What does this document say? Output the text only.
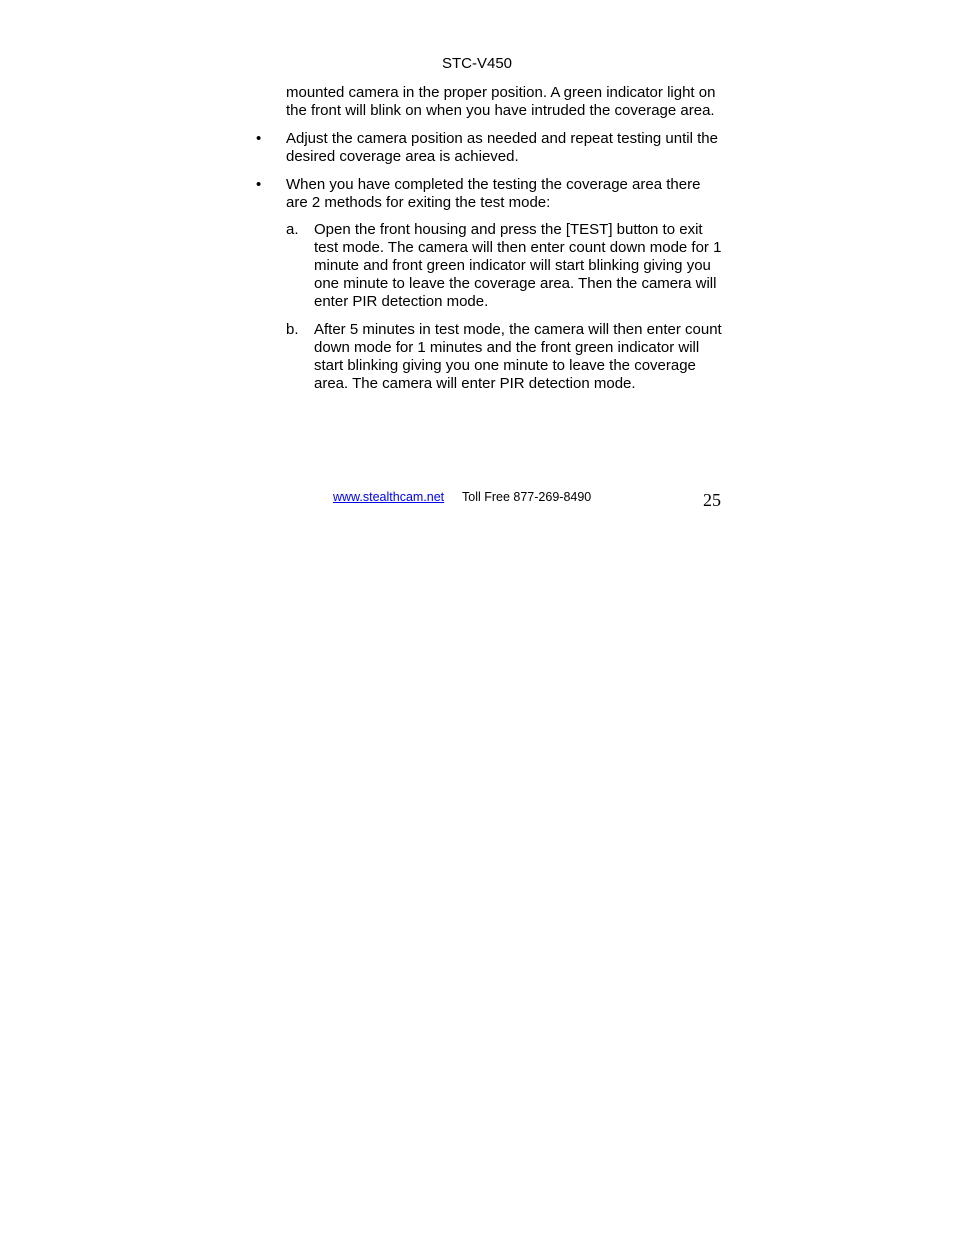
STC-V450

mounted camera in the proper position. A green indicator light on the front will blink on when you have intruded the coverage area.

• Adjust the camera position as needed and repeat testing until the desired coverage area is achieved.
• When you have completed the testing the coverage area there are 2 methods for exiting the test mode:
a. Open the front housing and press the [TEST] button to exit test mode. The camera will then enter count down mode for 1 minute and front green indicator will start blinking giving you one minute to leave the coverage area. Then the camera will enter PIR detection mode.
b. After 5 minutes in test mode, the camera will then enter count down mode for 1 minutes and the front green indicator will start blinking giving you one minute to leave the coverage area. The camera will enter PIR detection mode.
www.stealthcam.net Toll Free 877-269-8490	25
